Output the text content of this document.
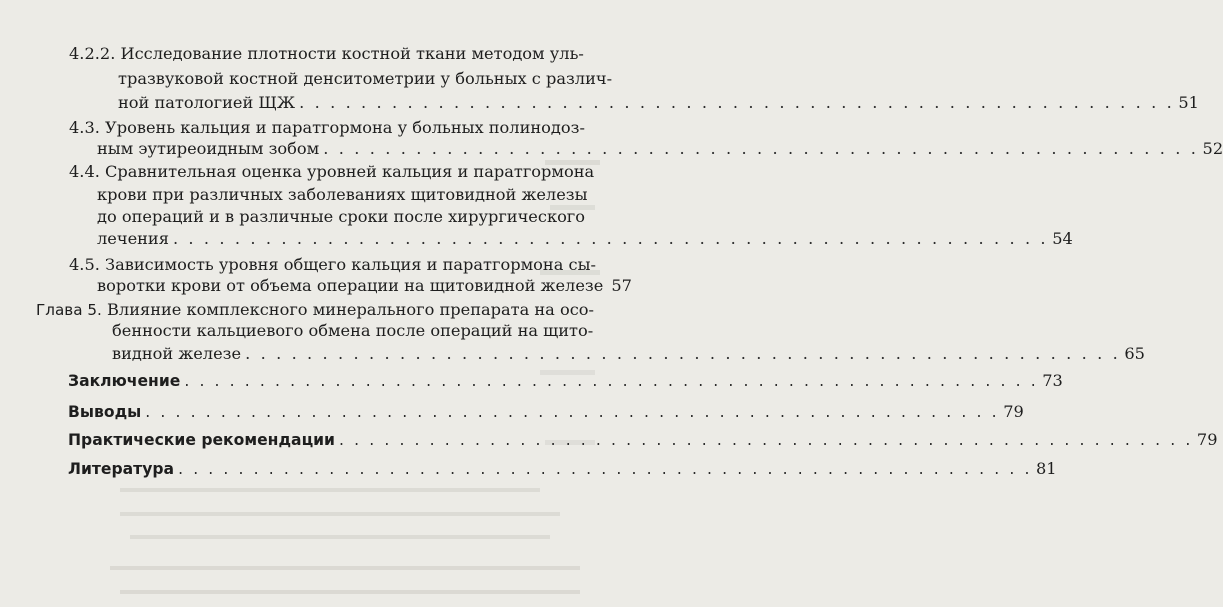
4.2.2. Исследование плотности костной ткани методом уль-
тразвуковой костной денситометрии у больных с различ-
ной патологией ЩЖ . . . . . . . . . . . . . . . . . . . . . . . . . . . . . . . . . . . . . . . . . . . . . . . . . . . . . . . . . 51
4.3. Уровень кальция и паратгормона у больных полинодоз-
ным эутиреоидным зобом . . . . . . . . . . . . . . . . . . . . . . . . . . . . . . . . . . . . . . . . . . . . . . . . . . . . . . . . . 52
4.4. Сравнительная оценка уровней кальция и паратгормона
крови при различных заболеваниях щитовидной железы
до операций и в различные сроки после хирургического
лечения . . . . . . . . . . . . . . . . . . . . . . . . . . . . . . . . . . . . . . . . . . . . . . . . . . . . . . . . . 54
4.5. Зависимость уровня общего кальция и паратгормона сы-
воротки крови от объема операции на щитовидной железе 57
Глава 5. Влияние комплексного минерального препарата на осо-
бенности кальциевого обмена после операций на щито-
видной железе . . . . . . . . . . . . . . . . . . . . . . . . . . . . . . . . . . . . . . . . . . . . . . . . . . . . . . . . . 65
Заключение . . . . . . . . . . . . . . . . . . . . . . . . . . . . . . . . . . . . . . . . . . . . . . . . . . . . . . . . . 73
Выводы . . . . . . . . . . . . . . . . . . . . . . . . . . . . . . . . . . . . . . . . . . . . . . . . . . . . . . . . . 79
Практические рекомендации . . . . . . . . . . . . . . . . . . . . . . . . . . . . . . . . . . . . . . . . . . . . . . . . . . . . . . . . . 79
Литература . . . . . . . . . . . . . . . . . . . . . . . . . . . . . . . . . . . . . . . . . . . . . . . . . . . . . . . . . 81
